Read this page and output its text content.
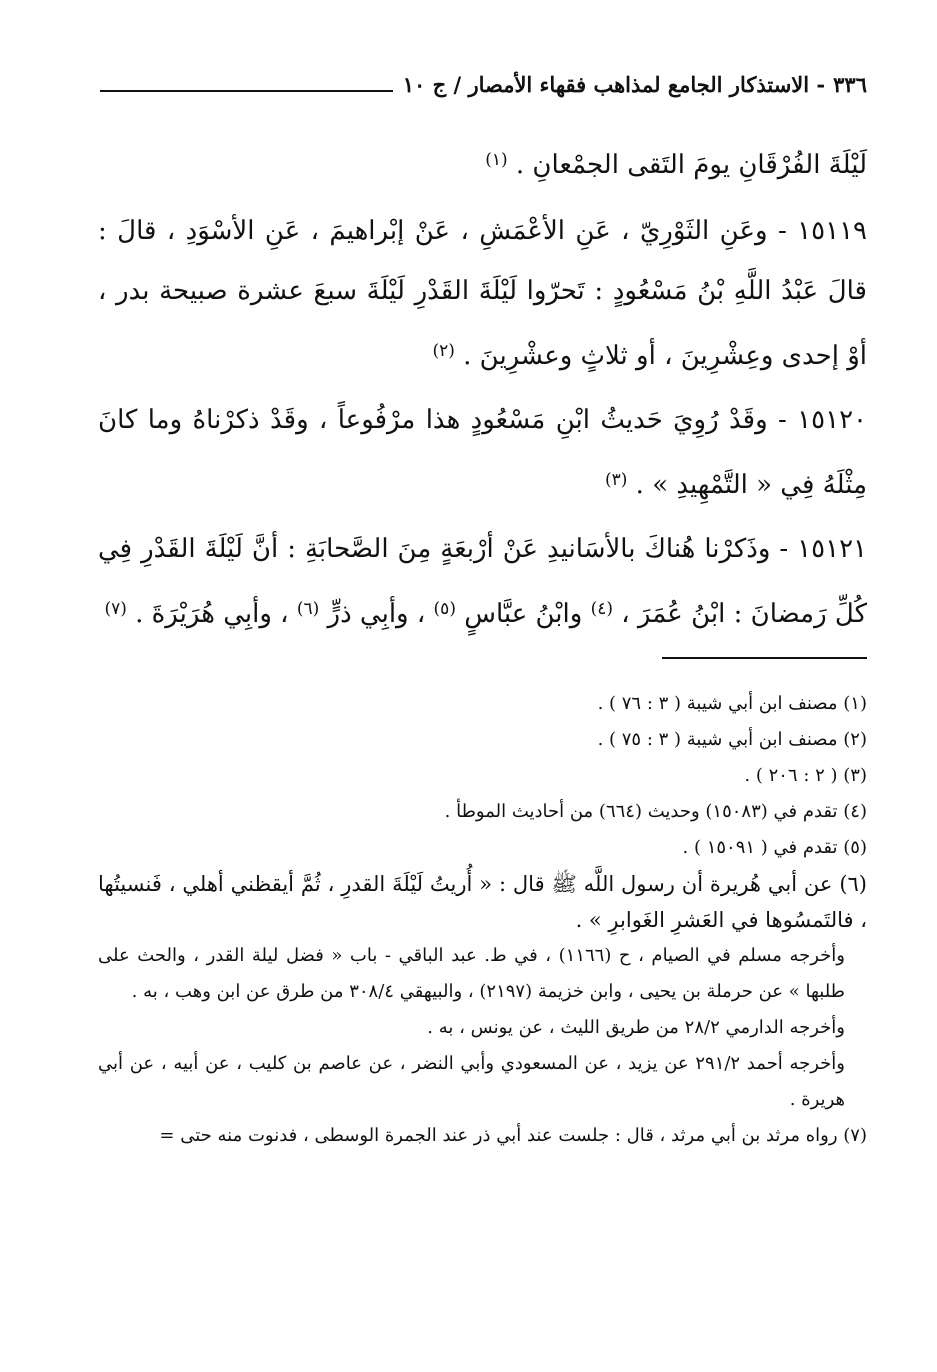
٣٣٦
- الاستذكار الجامع لمذاهب فقهاء الأمصار / ج ١٠

لَيْلَةَ الفُرْقَانِ يومَ التَقى الجمْعانِ . $^{(١)}$

١٥١١٩ - وعَنِ الثَوْرِيّ ، عَنِ الأعْمَشِ ، عَنْ إبْراهيمَ ، عَنِ الأسْوَدِ ، قالَ : قالَ عَبْدُ اللَّهِ بْنُ مَسْعُودٍ : تَحرّوا لَيْلَةَ القَدْرِ لَيْلَةَ سبعَ عشرة صبيحة بدر ، أوْ إحدى وعِشْرِينَ ، أو ثلاثٍ وعشْرِينَ . $^{(٢)}$

١٥١٢٠ - وقَدْ رُوِيَ حَديثُ ابْنِ مَسْعُودٍ هذا مرْفُوعاً ، وقَدْ ذكرْناهُ وما كانَ مِثْلَهُ فِي « التَّمْهِيدِ » . $^{(٣)}$

١٥١٢١ - وذَكرْنا هُناكَ بالأسَانيدِ عَنْ أرْبعَةٍ مِنَ الصَّحابَةِ : أنَّ لَيْلَةَ القَدْرِ فِي كُلِّ رَمضانَ : ابْنُ عُمَرَ ، $^{(٤)}$ وابْنُ عبَّاسٍ $^{(٥)}$ ، وأبِي ذرٍّ $^{(٦)}$ ، وأبِي هُرَيْرَةَ . $^{(٧)}$

(١) مصنف ابن أبي شيبة ( ٣ : ٧٦ ) .

(٢) مصنف ابن أبي شيبة ( ٣ : ٧٥ ) .

(٣) ( ٢ : ٢٠٦ ) .

(٤) تقدم في (١٥٠٨٣) وحديث (٦٦٤) من أحاديث الموطأ .

(٥) تقدم في ( ١٥٠٩١ ) .

(٦) عن أبي هُريرة أن رسول اللَّه ﷺ قال : « أُريتُ لَيْلَةَ القدرِ ، ثُمَّ أيقظني أهلي ، فَنسيتُها ، فالتَمسُوها في العَشرِ الغَوابرِ » .

وأخرجه مسلم في الصيام ، ح (١١٦٦) ، في ط. عبد الباقي - باب « فضل ليلة القدر ، والحث على طلبها » عن حرملة بن يحيى ، وابن خزيمة (٢١٩٧) ، والبيهقي ٣٠٨/٤ من طرق عن ابن وهب ، به .

وأخرجه الدارمي ٢٨/٢ من طريق الليث ، عن يونس ، به .

وأخرجه أحمد ٢٩١/٢ عن يزيد ، عن المسعودي وأبي النضر ، عن عاصم بن كليب ، عن أبيه ، عن أبي هريرة .

(٧) رواه مرثد بن أبي مرثد ، قال : جلست عند أبي ذر عند الجمرة الوسطى ، فدنوت منه حتى =
